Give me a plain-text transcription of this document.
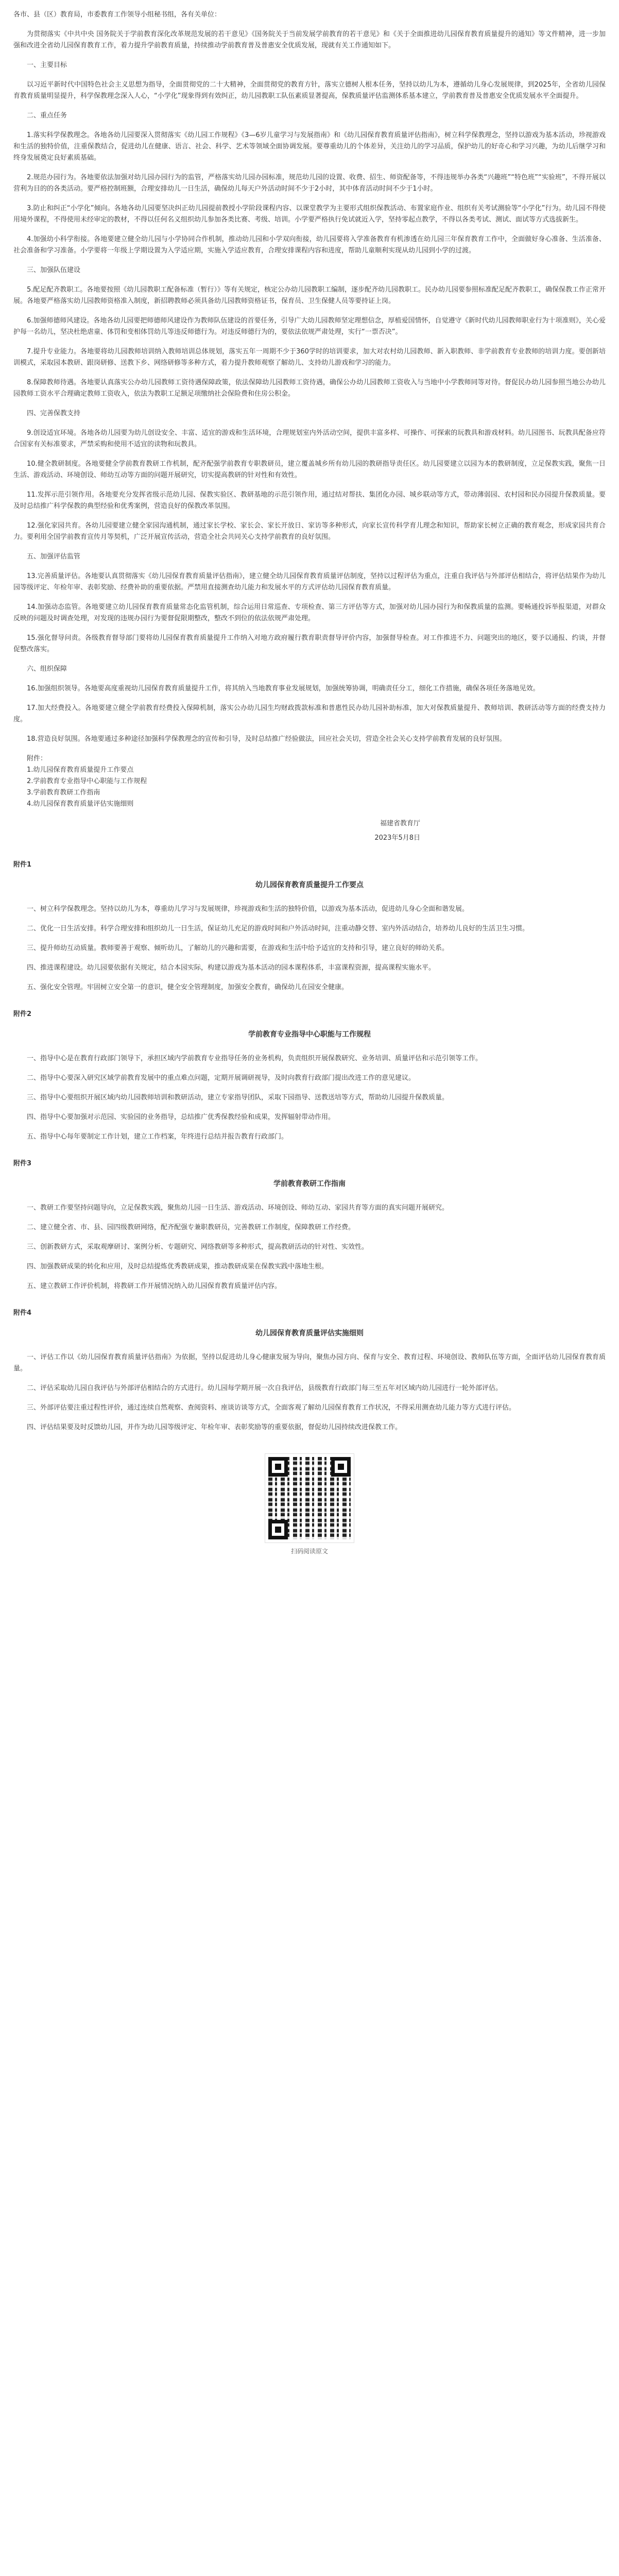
各市、县（区）教育局，市委教育工作领导小组秘书组，各有关单位：

为贯彻落实《中共中央 国务院关于学前教育深化改革规范发展的若干意见》《国务院关于当前发展学前教育的若干意见》和《关于全面推进幼儿园保育教育质量提升的通知》等文件精神，进一步加强和改进全省幼儿园保育教育工作，着力提升学前教育质量，持续推动学前教育普及普惠安全优质发展，现就有关工作通知如下。

一、主要目标

以习近平新时代中国特色社会主义思想为指导，全面贯彻党的二十大精神，全面贯彻党的教育方针，落实立德树人根本任务，坚持以幼儿为本，遵循幼儿身心发展规律，到2025年，全省幼儿园保育教育质量明显提升，科学保教理念深入人心，“小学化”现象得到有效纠正，幼儿园教职工队伍素质显著提高，保教质量评估监测体系基本建立，学前教育普及普惠安全优质发展水平全面提升。

二、重点任务

1.落实科学保教理念。各地各幼儿园要深入贯彻落实《幼儿园工作规程》《3—6岁儿童学习与发展指南》和《幼儿园保育教育质量评估指南》，树立科学保教理念，坚持以游戏为基本活动，珍视游戏和生活的独特价值，注重保教结合，促进幼儿在健康、语言、社会、科学、艺术等领域全面协调发展。要尊重幼儿的个体差异，关注幼儿的学习品质，保护幼儿的好奇心和学习兴趣，为幼儿后继学习和终身发展奠定良好素质基础。

2.规范办园行为。各地要依法加强对幼儿园办园行为的监管，严格落实幼儿园办园标准，规范幼儿园的设置、收费、招生、师资配备等，不得违规举办各类“兴趣班”“特色班”“实验班”，不得开展以营利为目的的各类活动。要严格控制班额，合理安排幼儿一日生活，确保幼儿每天户外活动时间不少于2小时，其中体育活动时间不少于1小时。

3.防止和纠正“小学化”倾向。各地各幼儿园要坚决纠正幼儿园提前教授小学阶段课程内容、以课堂教学为主要形式组织保教活动、布置家庭作业、组织有关考试测验等“小学化”行为。幼儿园不得使用境外课程，不得使用未经审定的教材，不得以任何名义组织幼儿参加各类比赛、考级、培训。小学要严格执行免试就近入学，坚持零起点教学，不得以各类考试、测试、面试等方式选拔新生。

4.加强幼小科学衔接。各地要建立健全幼儿园与小学协同合作机制，推动幼儿园和小学双向衔接，幼儿园要将入学准备教育有机渗透在幼儿园三年保育教育工作中，全面做好身心准备、生活准备、社会准备和学习准备。小学要将一年级上学期设置为入学适应期，实施入学适应教育，合理安排课程内容和进度，帮助儿童顺利实现从幼儿园到小学的过渡。

三、加强队伍建设

5.配足配齐教职工。各地要按照《幼儿园教职工配备标准（暂行）》等有关规定，核定公办幼儿园教职工编制，逐步配齐幼儿园教职工。民办幼儿园要参照标准配足配齐教职工，确保保教工作正常开展。各地要严格落实幼儿园教师资格准入制度，新招聘教师必须具备幼儿园教师资格证书，保育员、卫生保健人员等要持证上岗。

6.加强师德师风建设。各地各幼儿园要把师德师风建设作为教师队伍建设的首要任务，引导广大幼儿园教师坚定理想信念，厚植爱国情怀，自觉遵守《新时代幼儿园教师职业行为十项准则》，关心爱护每一名幼儿，坚决杜绝虐童、体罚和变相体罚幼儿等违反师德行为。对违反师德行为的，要依法依规严肃处理，实行“一票否决”。

7.提升专业能力。各地要将幼儿园教师培训纳入教师培训总体规划，落实五年一周期不少于360学时的培训要求，加大对农村幼儿园教师、新入职教师、非学前教育专业教师的培训力度。要创新培训模式，采取园本教研、跟岗研修、送教下乡、网络研修等多种方式，着力提升教师观察了解幼儿、支持幼儿游戏和学习的能力。

8.保障教师待遇。各地要认真落实公办幼儿园教师工资待遇保障政策，依法保障幼儿园教师工资待遇，确保公办幼儿园教师工资收入与当地中小学教师同等对待。督促民办幼儿园参照当地公办幼儿园教师工资水平合理确定教师工资收入，依法为教职工足额足项缴纳社会保险费和住房公积金。

四、完善保教支持

9.创设适宜环境。各地各幼儿园要为幼儿创设安全、丰富、适宜的游戏和生活环境，合理规划室内外活动空间，提供丰富多样、可操作、可探索的玩教具和游戏材料。幼儿园图书、玩教具配备应符合国家有关标准要求，严禁采购和使用不适宜的读物和玩教具。

10.健全教研制度。各地要健全学前教育教研工作机制，配齐配强学前教育专职教研员，建立覆盖城乡所有幼儿园的教研指导责任区。幼儿园要建立以园为本的教研制度，立足保教实践，聚焦一日生活、游戏活动、环境创设、师幼互动等方面的问题开展研究，切实提高教研的针对性和有效性。

11.发挥示范引领作用。各地要充分发挥省级示范幼儿园、保教实验区、教研基地的示范引领作用，通过结对帮扶、集团化办园、城乡联动等方式，带动薄弱园、农村园和民办园提升保教质量。要及时总结推广科学保教的典型经验和优秀案例，营造良好的保教改革氛围。

12.强化家园共育。各幼儿园要建立健全家园沟通机制，通过家长学校、家长会、家长开放日、家访等多种形式，向家长宣传科学育儿理念和知识，帮助家长树立正确的教育观念，形成家园共育合力。要利用全国学前教育宣传月等契机，广泛开展宣传活动，营造全社会共同关心支持学前教育的良好氛围。

五、加强评估监管

13.完善质量评估。各地要认真贯彻落实《幼儿园保育教育质量评估指南》，建立健全幼儿园保育教育质量评估制度，坚持以过程评估为重点，注重自我评估与外部评估相结合，将评估结果作为幼儿园等级评定、年检年审、表彰奖励、经费补助的重要依据。严禁用直接测查幼儿能力和发展水平的方式评估幼儿园保育教育质量。

14.加强动态监管。各地要建立幼儿园保育教育质量常态化监管机制，综合运用日常巡查、专项检查、第三方评估等方式，加强对幼儿园办园行为和保教质量的监测。要畅通投诉举报渠道，对群众反映的问题及时调查处理，对发现的违规办园行为要督促限期整改，整改不到位的依法依规严肃处理。

15.强化督导问责。各级教育督导部门要将幼儿园保育教育质量提升工作纳入对地方政府履行教育职责督导评价内容，加强督导检查。对工作推进不力、问题突出的地区，要予以通报、约谈，并督促整改落实。

六、组织保障

16.加强组织领导。各地要高度重视幼儿园保育教育质量提升工作，将其纳入当地教育事业发展规划，加强统筹协调，明确责任分工，细化工作措施，确保各项任务落地见效。

17.加大经费投入。各地要建立健全学前教育经费投入保障机制，落实公办幼儿园生均财政拨款标准和普惠性民办幼儿园补助标准，加大对保教质量提升、教师培训、教研活动等方面的经费支持力度。

18.营造良好氛围。各地要通过多种途径加强科学保教理念的宣传和引导，及时总结推广经验做法，回应社会关切，营造全社会关心支持学前教育发展的良好氛围。

附件：
1.幼儿园保育教育质量提升工作要点
2.学前教育专业指导中心职能与工作规程
3.学前教育教研工作指南
4.幼儿园保育教育质量评估实施细则

福建省教育厅

2023年5月8日

附件1

幼儿园保育教育质量提升工作要点

一、树立科学保教理念。坚持以幼儿为本，尊重幼儿学习与发展规律，珍视游戏和生活的独特价值，以游戏为基本活动，促进幼儿身心全面和谐发展。

二、优化一日生活安排。科学合理安排和组织幼儿一日生活，保证幼儿充足的游戏时间和户外活动时间，注重动静交替、室内外活动结合，培养幼儿良好的生活卫生习惯。

三、提升师幼互动质量。教师要善于观察、倾听幼儿，了解幼儿的兴趣和需要，在游戏和生活中给予适宜的支持和引导，建立良好的师幼关系。

四、推进课程建设。幼儿园要依据有关规定，结合本园实际，构建以游戏为基本活动的园本课程体系，丰富课程资源，提高课程实施水平。

五、强化安全管理。牢固树立安全第一的意识，健全安全管理制度，加强安全教育，确保幼儿在园安全健康。

附件2

学前教育专业指导中心职能与工作规程

一、指导中心是在教育行政部门领导下，承担区域内学前教育专业指导任务的业务机构，负责组织开展保教研究、业务培训、质量评估和示范引领等工作。

二、指导中心要深入研究区域学前教育发展中的重点难点问题，定期开展调研视导，及时向教育行政部门提出改进工作的意见建议。

三、指导中心要组织开展区域内幼儿园教师培训和教研活动，建立专家指导团队，采取下园指导、送教送培等方式，帮助幼儿园提升保教质量。

四、指导中心要加强对示范园、实验园的业务指导，总结推广优秀保教经验和成果，发挥辐射带动作用。

五、指导中心每年要制定工作计划，建立工作档案，年终进行总结并报告教育行政部门。

附件3

学前教育教研工作指南

一、教研工作要坚持问题导向，立足保教实践，聚焦幼儿园一日生活、游戏活动、环境创设、师幼互动、家园共育等方面的真实问题开展研究。

二、建立健全省、市、县、园四级教研网络，配齐配强专兼职教研员，完善教研工作制度，保障教研工作经费。

三、创新教研方式，采取观摩研讨、案例分析、专题研究、网络教研等多种形式，提高教研活动的针对性、实效性。

四、加强教研成果的转化和应用，及时总结提炼优秀教研成果，推动教研成果在保教实践中落地生根。

五、建立教研工作评价机制，将教研工作开展情况纳入幼儿园保育教育质量评估内容。

附件4

幼儿园保育教育质量评估实施细则

一、评估工作以《幼儿园保育教育质量评估指南》为依据，坚持以促进幼儿身心健康发展为导向，聚焦办园方向、保育与安全、教育过程、环境创设、教师队伍等方面，全面评估幼儿园保育教育质量。

二、评估采取幼儿园自我评估与外部评估相结合的方式进行。幼儿园每学期开展一次自我评估，县级教育行政部门每三至五年对区域内幼儿园进行一轮外部评估。

三、外部评估要注重过程性评价，通过连续自然观察、查阅资料、座谈访谈等方式，全面客观了解幼儿园保育教育工作状况，不得采用测查幼儿能力等方式进行评估。

四、评估结果要及时反馈幼儿园，并作为幼儿园等级评定、年检年审、表彰奖励等的重要依据，督促幼儿园持续改进保教工作。

扫码阅读原文
